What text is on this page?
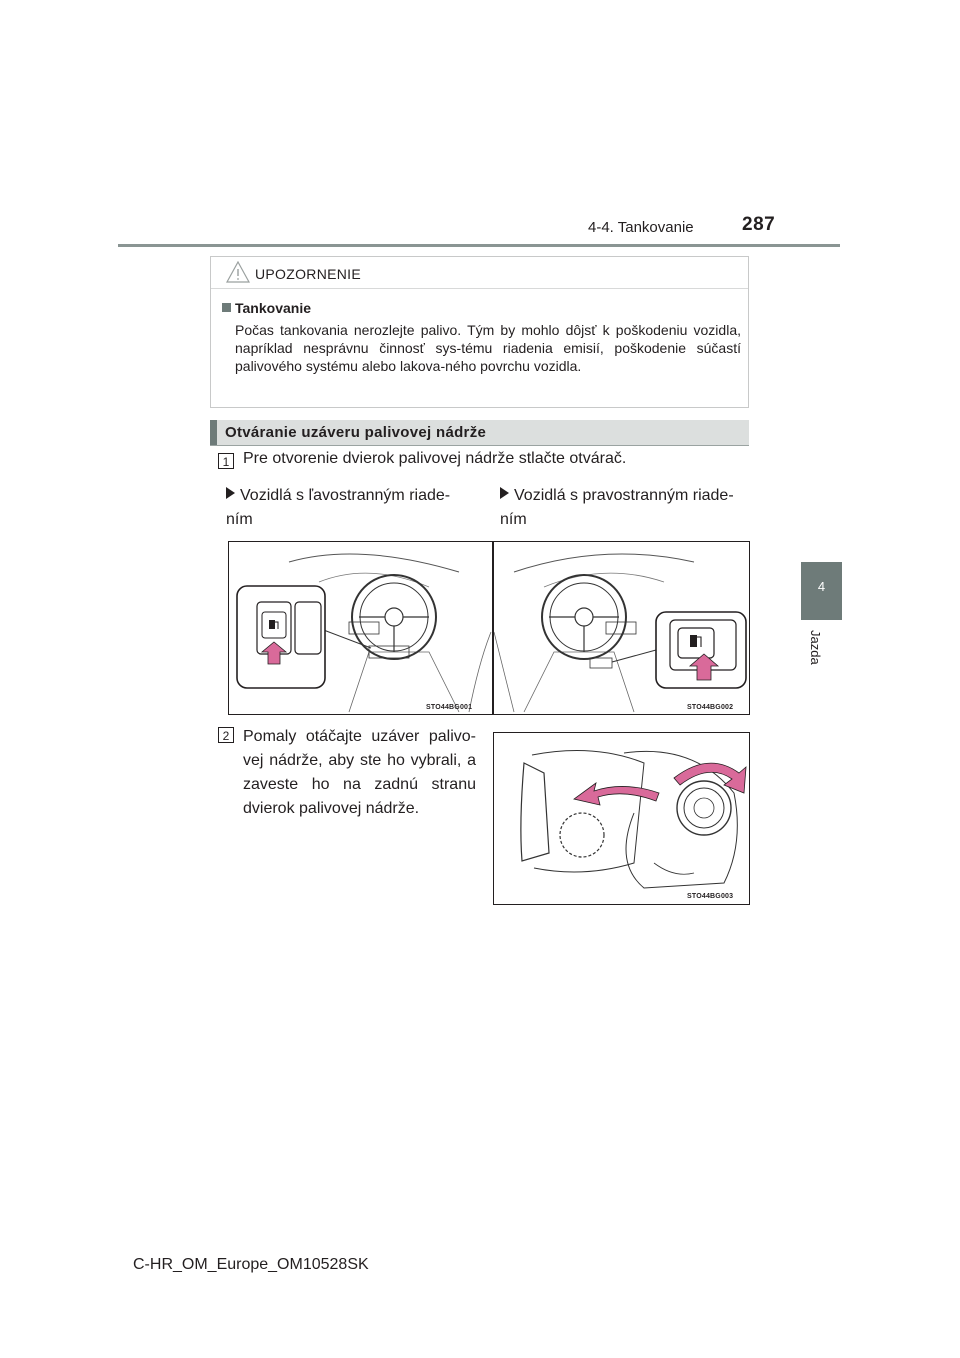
4-4. Tankovanie	287
4
Jazda
UPOZORNENIE
Tankovanie
Počas tankovania nerozlejte palivo. Tým by mohlo dôjsť k poškodeniu vozidla, napríklad nesprávnu činnosť sys-tému riadenia emisií, poškodenie súčastí palivového systému alebo lakova-ného povrchu vozidla.
Otváranie uzáveru palivovej nádrže
1 Pre otvorenie dvierok palivovej nádrže stlačte otvárač.
Vozidlá s ľavostranným riade-ním
Vozidlá s pravostranným riade-ním
STO44BG001	STO44BG002
2 Pomaly otáčajte uzáver palivo-vej nádrže, aby ste ho vybrali, a zaveste ho na zadnú stranu dvierok palivovej nádrže.
STO44BG003
C-HR_OM_Europe_OM10528SK
